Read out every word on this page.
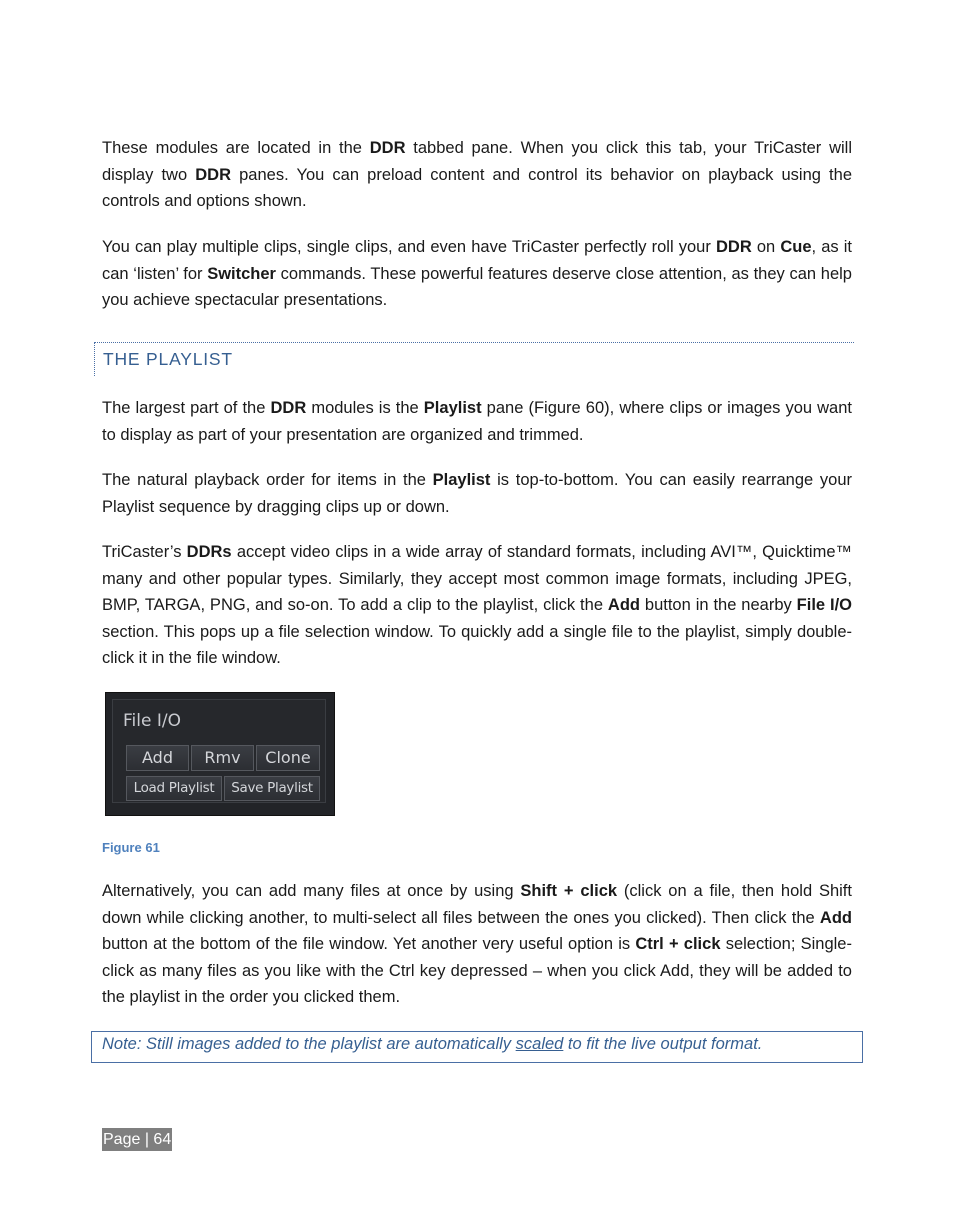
These modules are located in the DDR tabbed pane. When you click this tab, your TriCaster will display two DDR panes. You can preload content and control its behavior on playback using the controls and options shown.

You can play multiple clips, single clips, and even have TriCaster perfectly roll your DDR on Cue, as it can ‘listen’ for Switcher commands. These powerful features deserve close attention, as they can help you achieve spectacular presentations.

THE PLAYLIST

The largest part of the DDR modules is the Playlist pane (Figure 60), where clips or images you want to display as part of your presentation are organized and trimmed.

The natural playback order for items in the Playlist is top-to-bottom. You can easily rearrange your Playlist sequence by dragging clips up or down.

TriCaster’s DDRs accept video clips in a wide array of standard formats, including AVI™, Quicktime™ many and other popular types. Similarly, they accept most common image formats, including JPEG, BMP, TARGA, PNG, and so-on. To add a clip to the playlist, click the Add button in the nearby File I/O section. This pops up a file selection window. To quickly add a single file to the playlist, simply double-click it in the file window.

File I/O
Add	Rmv	Clone
Load Playlist	Save Playlist
Figure 61

Alternatively, you can add many files at once by using Shift + click (click on a file, then hold Shift down while clicking another, to multi-select all files between the ones you clicked). Then click the Add button at the bottom of the file window. Yet another very useful option is Ctrl + click selection; Single-click as many files as you like with the Ctrl key depressed – when you click Add, they will be added to the playlist in the order you clicked them.

Note: Still images added to the playlist are automatically scaled to fit the live output format.

Page | 64
